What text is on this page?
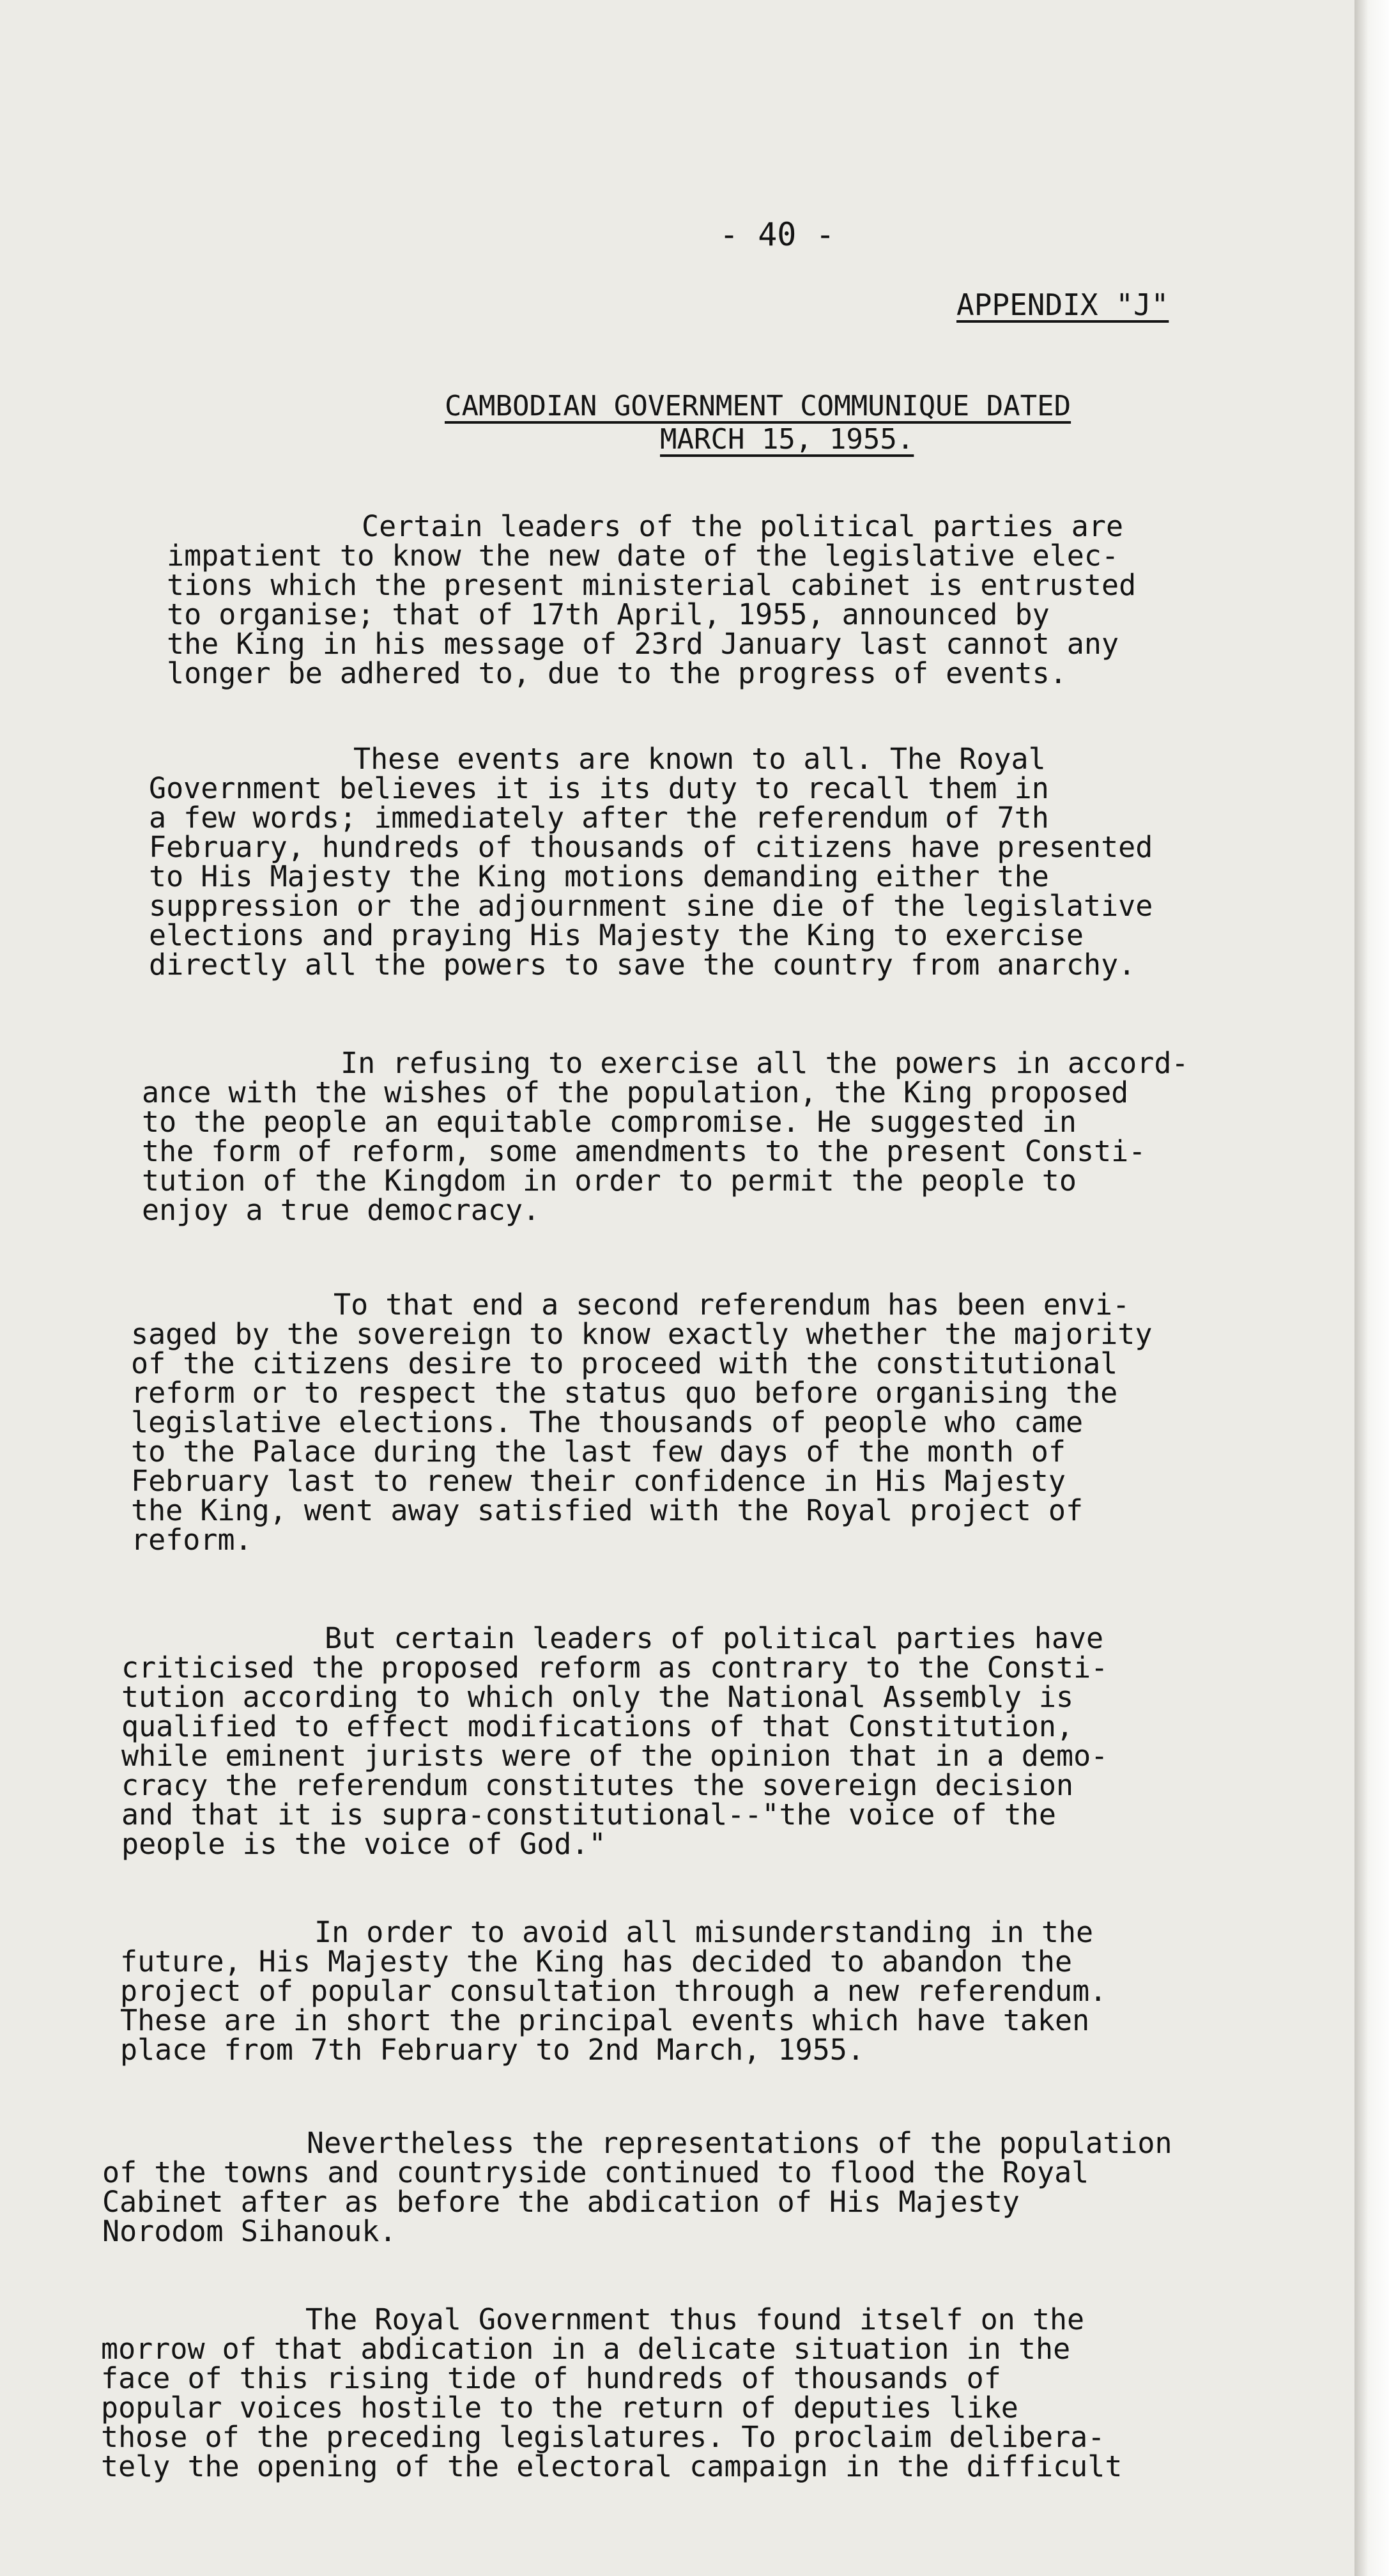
- 40 -

APPENDIX "J"

CAMBODIAN GOVERNMENT COMMUNIQUE DATED

MARCH 15, 1955.

Certain leaders of the political parties are

impatient to know the new date of the legislative elec-

tions which the present ministerial cabinet is entrusted

to organise; that of 17th April, 1955, announced by

the King in his message of 23rd January last cannot any

longer be adhered to, due to the progress of events.

These events are known to all. The Royal

Government believes it is its duty to recall them in

a few words; immediately after the referendum of 7th

February, hundreds of thousands of citizens have presented

to His Majesty the King motions demanding either the

suppression or the adjournment sine die of the legislative

elections and praying His Majesty the King to exercise

directly all the powers to save the country from anarchy.

In refusing to exercise all the powers in accord-

ance with the wishes of the population, the King proposed

to the people an equitable compromise. He suggested in

the form of reform, some amendments to the present Consti-

tution of the Kingdom in order to permit the people to

enjoy a true democracy.

To that end a second referendum has been envi-

saged by the sovereign to know exactly whether the majority

of the citizens desire to proceed with the constitutional

reform or to respect the status quo before organising the

legislative elections. The thousands of people who came

to the Palace during the last few days of the month of

February last to renew their confidence in His Majesty

the King, went away satisfied with the Royal project of

reform.

But certain leaders of political parties have

criticised the proposed reform as contrary to the Consti-

tution according to which only the National Assembly is

qualified to effect modifications of that Constitution,

while eminent jurists were of the opinion that in a demo-

cracy the referendum constitutes the sovereign decision

and that it is supra-constitutional--"the voice of the

people is the voice of God."

In order to avoid all misunderstanding in the

future, His Majesty the King has decided to abandon the

project of popular consultation through a new referendum.

These are in short the principal events which have taken

place from 7th February to 2nd March, 1955.

Nevertheless the representations of the population

of the towns and countryside continued to flood the Royal

Cabinet after as before the abdication of His Majesty

Norodom Sihanouk.

The Royal Government thus found itself on the

morrow of that abdication in a delicate situation in the

face of this rising tide of hundreds of thousands of

popular voices hostile to the return of deputies like

those of the preceding legislatures. To proclaim delibera-

tely the opening of the electoral campaign in the difficult
